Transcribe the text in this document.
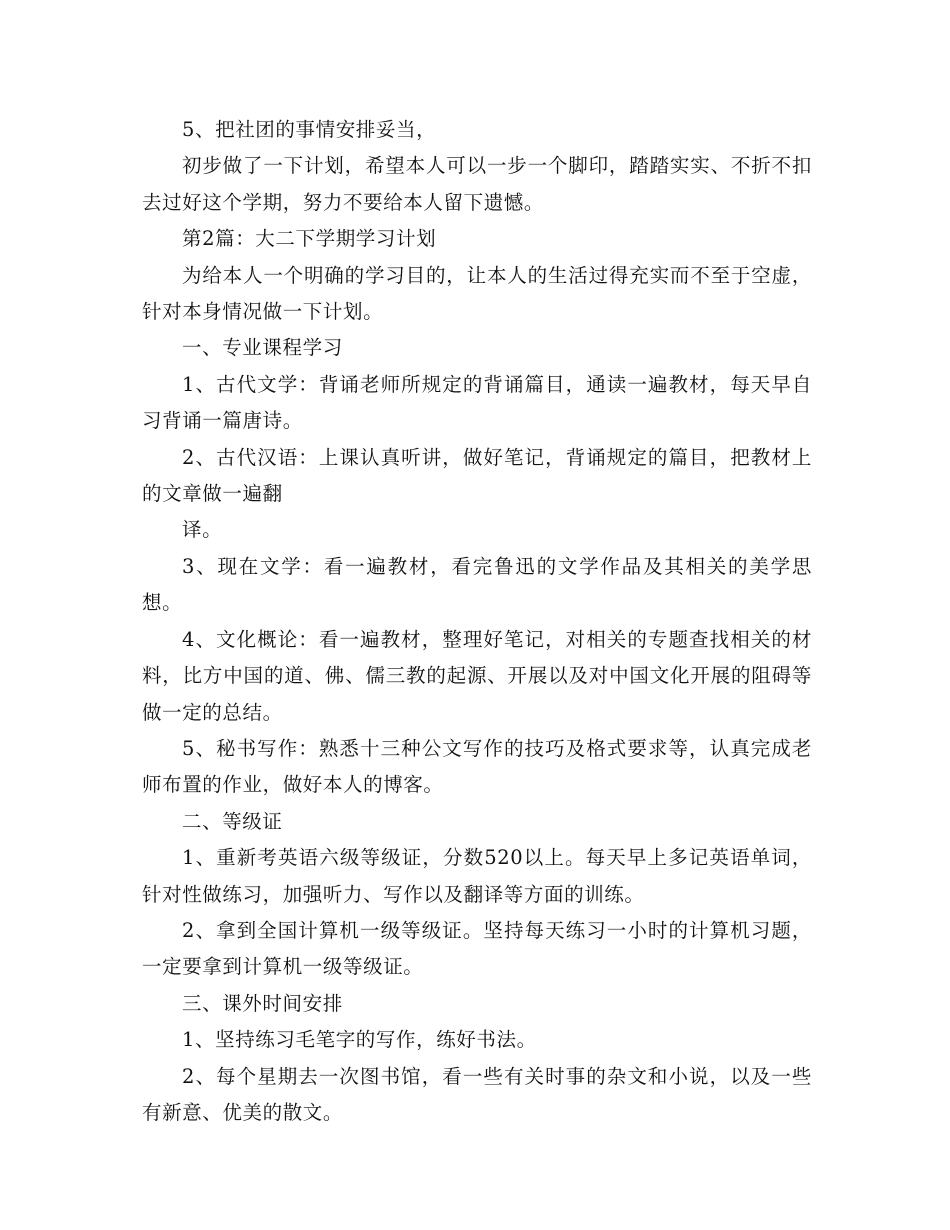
5、把社团的事情安排妥当，

初步做了一下计划，希望本人可以一步一个脚印，踏踏实实、不折不扣去过好这个学期，努力不要给本人留下遗憾。

第2篇：大二下学期学习计划

为给本人一个明确的学习目的，让本人的生活过得充实而不至于空虚，针对本身情况做一下计划。

一、专业课程学习

1、古代文学：背诵老师所规定的背诵篇目，通读一遍教材，每天早自习背诵一篇唐诗。

2、古代汉语：上课认真听讲，做好笔记，背诵规定的篇目，把教材上的文章做一遍翻

译。

3、现在文学：看一遍教材，看完鲁迅的文学作品及其相关的美学思想。

4、文化概论：看一遍教材，整理好笔记，对相关的专题查找相关的材料，比方中国的道、佛、儒三教的起源、开展以及对中国文化开展的阻碍等做一定的总结。

5、秘书写作：熟悉十三种公文写作的技巧及格式要求等，认真完成老师布置的作业，做好本人的博客。

二、等级证

1、重新考英语六级等级证，分数520以上。每天早上多记英语单词，针对性做练习，加强听力、写作以及翻译等方面的训练。

2、拿到全国计算机一级等级证。坚持每天练习一小时的计算机习题，一定要拿到计算机一级等级证。

三、课外时间安排

1、坚持练习毛笔字的写作，练好书法。

2、每个星期去一次图书馆，看一些有关时事的杂文和小说，以及一些有新意、优美的散文。
